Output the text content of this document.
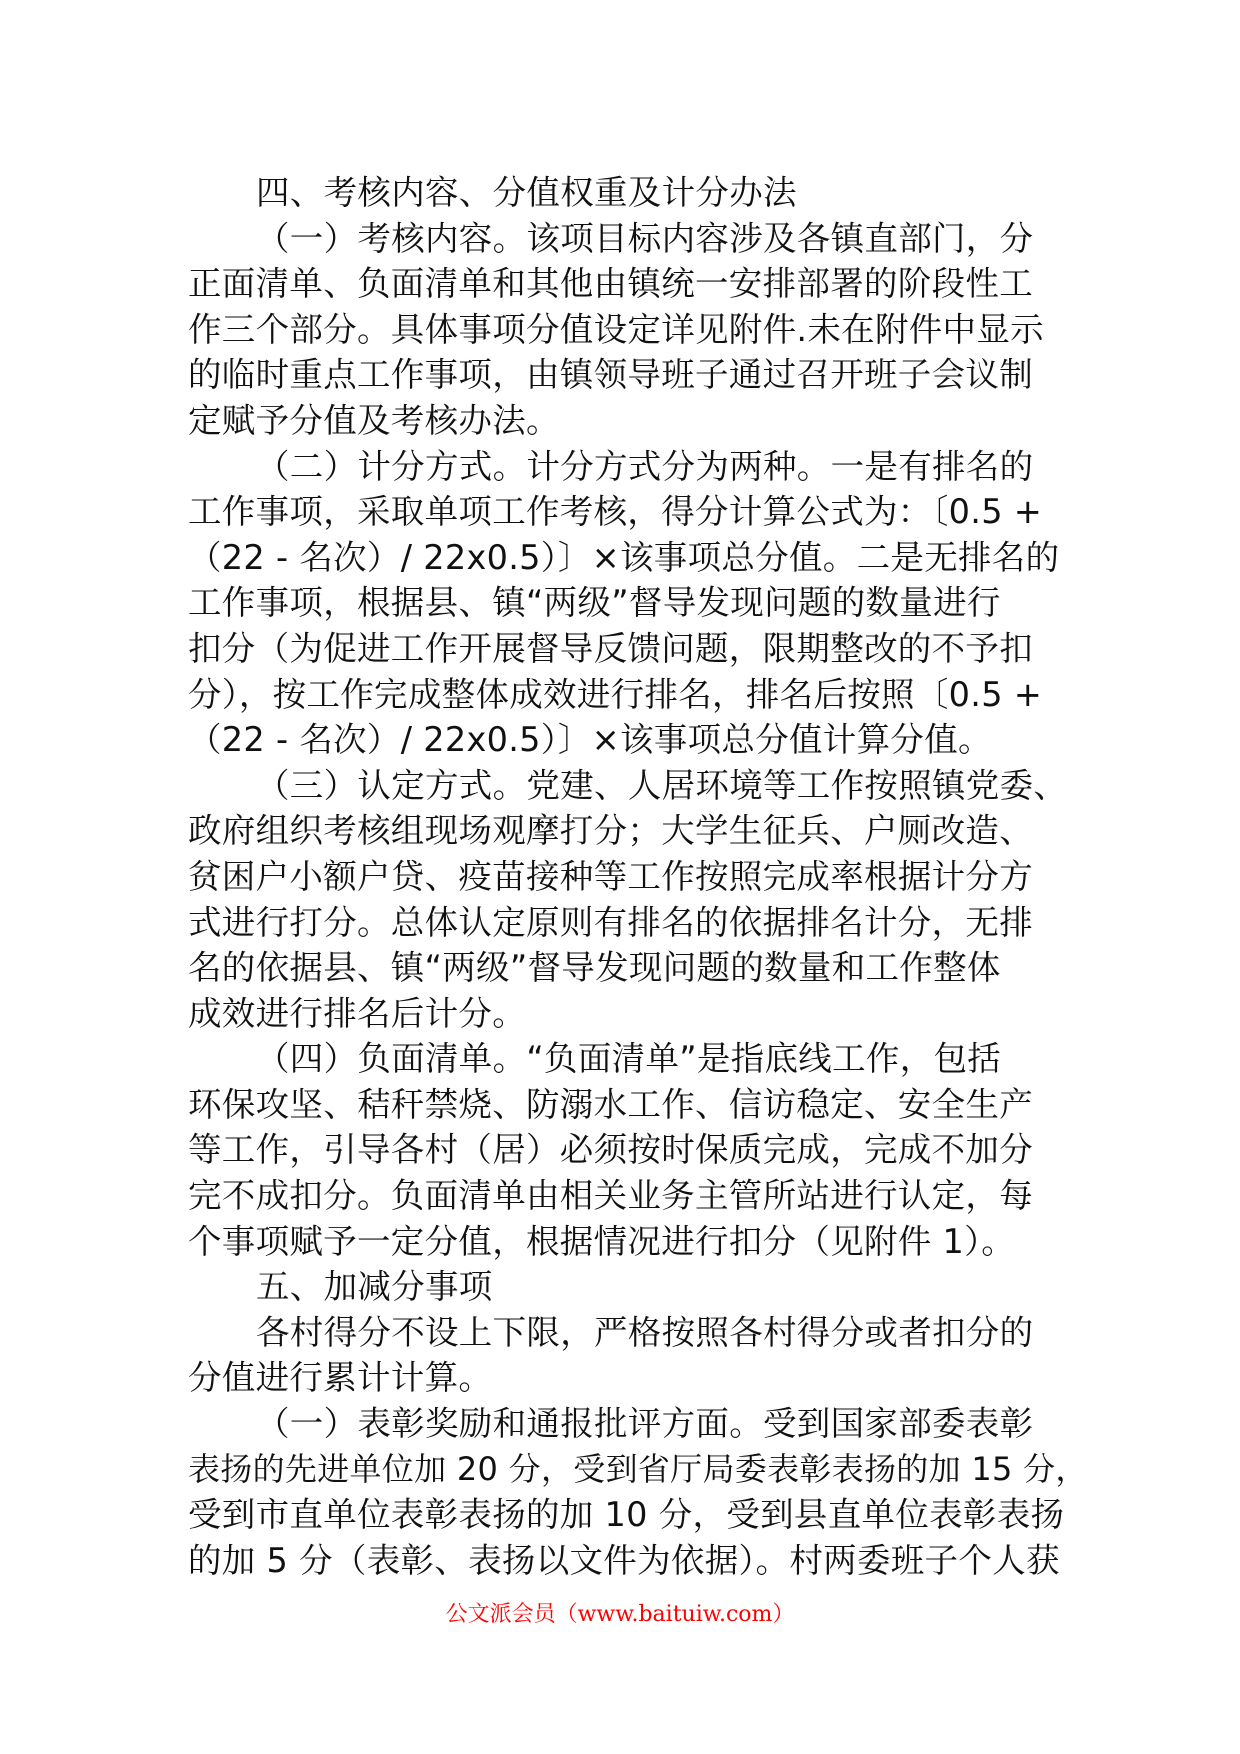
四、考核内容、分值权重及计分办法
（一）考核内容。该项目标内容涉及各镇直部门，分
正面清单、负面清单和其他由镇统一安排部署的阶段性工
作三个部分。具体事项分值设定详见附件.未在附件中显示
的临时重点工作事项，由镇领导班子通过召开班子会议制
定赋予分值及考核办法。
（二）计分方式。计分方式分为两种。一是有排名的
工作事项，采取单项工作考核，得分计算公式为：〔0.5 +
（22 - 名次）/ 22x0.5）〕×该事项总分值。二是无排名的
工作事项，根据县、镇“两级”督导发现问题的数量进行
扣分（为促进工作开展督导反馈问题，限期整改的不予扣
分），按工作完成整体成效进行排名，排名后按照〔0.5 +
（22 - 名次）/ 22x0.5）〕×该事项总分值计算分值。
（三）认定方式。党建、人居环境等工作按照镇党委、
政府组织考核组现场观摩打分；大学生征兵、户厕改造、
贫困户小额户贷、疫苗接种等工作按照完成率根据计分方
式进行打分。总体认定原则有排名的依据排名计分，无排
名的依据县、镇“两级”督导发现问题的数量和工作整体
成效进行排名后计分。
（四）负面清单。“负面清单”是指底线工作，包括
环保攻坚、秸秆禁烧、防溺水工作、信访稳定、安全生产
等工作，引导各村（居）必须按时保质完成，完成不加分
完不成扣分。负面清单由相关业务主管所站进行认定，每
个事项赋予一定分值，根据情况进行扣分（见附件 1）。
五、加减分事项
各村得分不设上下限，严格按照各村得分或者扣分的
分值进行累计计算。
（一）表彰奖励和通报批评方面。受到国家部委表彰
表扬的先进单位加 20 分，受到省厅局委表彰表扬的加 15 分，
受到市直单位表彰表扬的加 10 分，受到县直单位表彰表扬
的加 5 分（表彰、表扬以文件为依据）。村两委班子个人获
公文派会员（www.baituiw.com）
